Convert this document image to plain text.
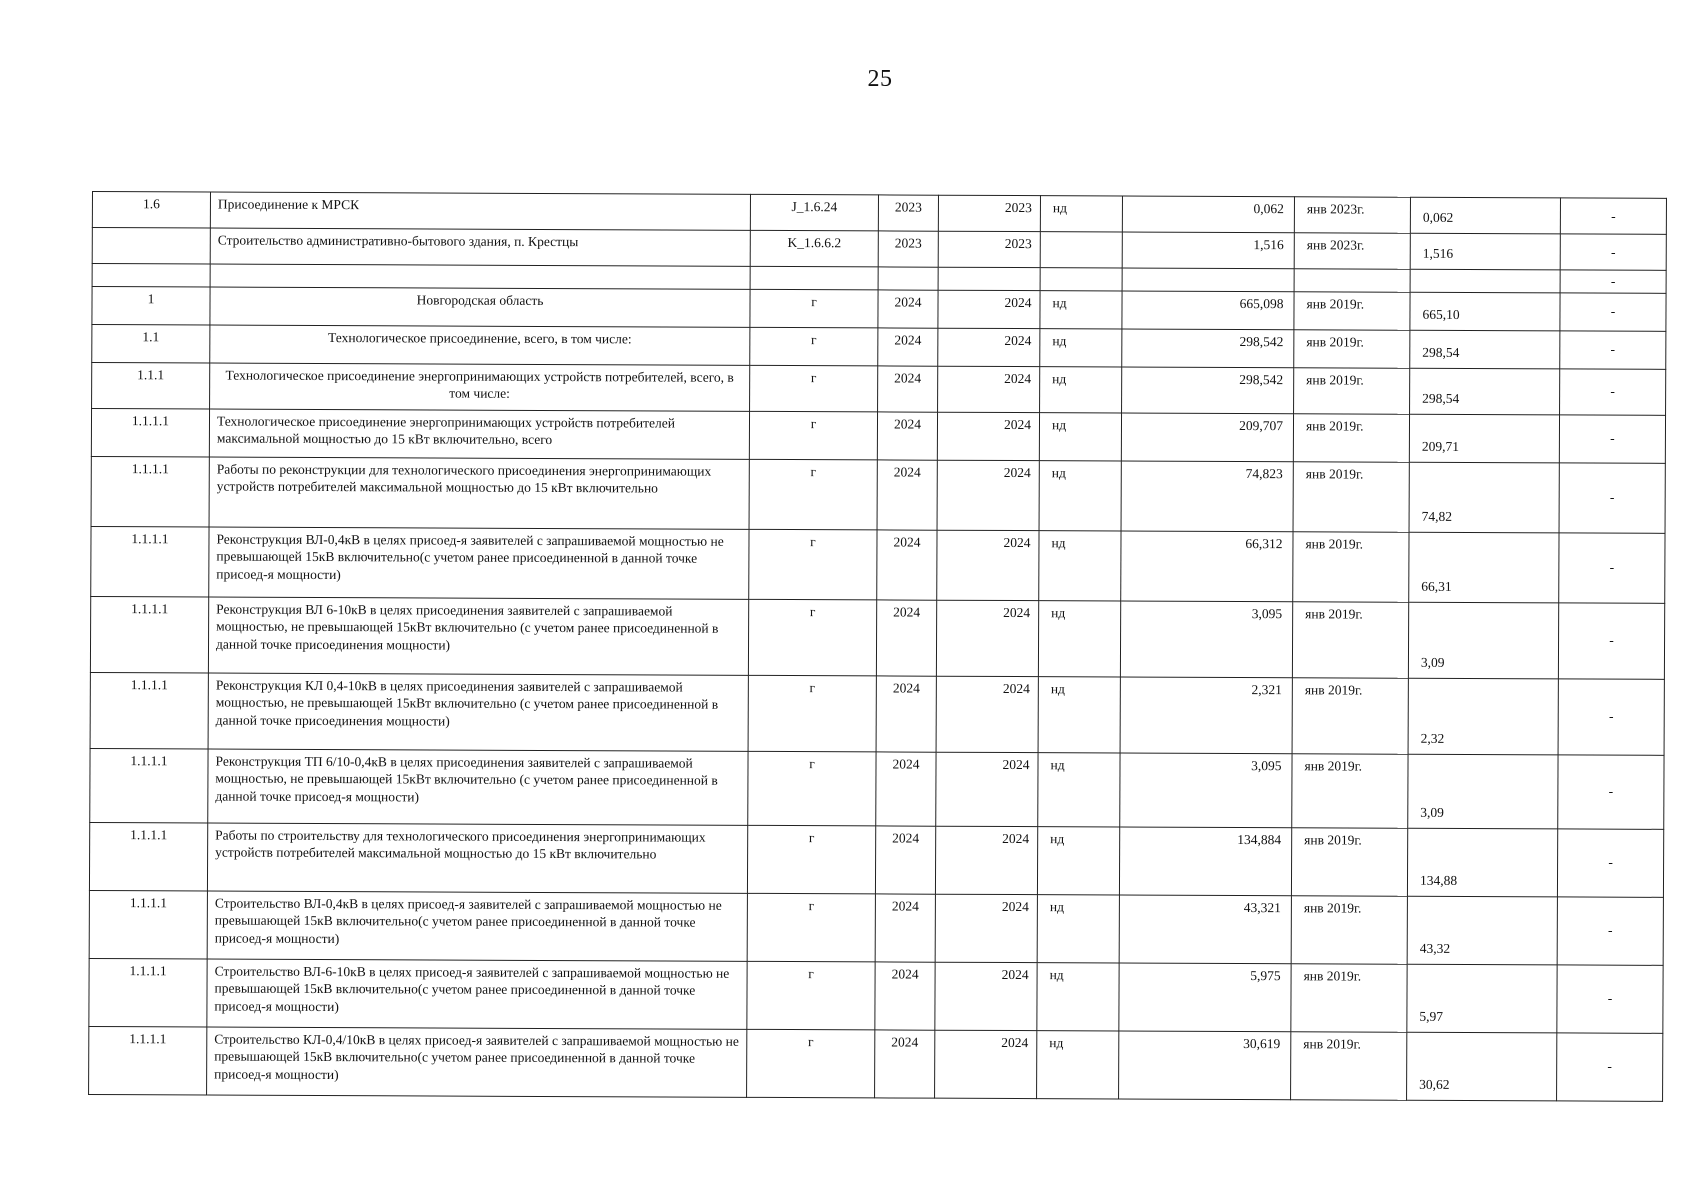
25
1.6	Присоединение к МРСК	J_1.6.24	2023	2023	нд	0,062	янв 2023г.	0,062	-
	Строительство административно-бытового здания, п. Крестцы	K_1.6.6.2	2023	2023		1,516	янв 2023г.	1,516	-
									-
1	Новгородская область	г	2024	2024	нд	665,098	янв 2019г.	665,10	-
1.1	Технологическое присоединение, всего, в том числе:	г	2024	2024	нд	298,542	янв 2019г.	298,54	-
1.1.1	Технологическое присоединение энергопринимающих устройств потребителей, всего, в том числе:	г	2024	2024	нд	298,542	янв 2019г.	298,54	-
1.1.1.1	Технологическое присоединение энергопринимающих устройств потребителей максимальной мощностью до 15 кВт включительно, всего	г	2024	2024	нд	209,707	янв 2019г.	209,71	-
1.1.1.1	Работы по реконструкции для технологического присоединения энергопринимающих устройств потребителей максимальной мощностью до 15 кВт включительно	г	2024	2024	нд	74,823	янв 2019г.	74,82	-
1.1.1.1	Реконструкция ВЛ-0,4кВ в целях присоед-я заявителей с запрашиваемой мощностью не превышающей 15кВ включительно(с учетом ранее присоединенной в данной точке присоед-я мощности)	г	2024	2024	нд	66,312	янв 2019г.	66,31	-
1.1.1.1	Реконструкция ВЛ 6-10кВ в целях присоединения заявителей с запрашиваемой мощностью, не превышающей 15кВт включительно (с учетом ранее присоединенной в данной точке присоединения мощности)	г	2024	2024	нд	3,095	янв 2019г.	3,09	-
1.1.1.1	Реконструкция КЛ 0,4-10кВ в целях присоединения заявителей с запрашиваемой мощностью, не превышающей 15кВт включительно (с учетом ранее присоединенной в данной точке присоединения мощности)	г	2024	2024	нд	2,321	янв 2019г.	2,32	-
1.1.1.1	Реконструкция ТП 6/10-0,4кВ в целях присоединения заявителей с запрашиваемой мощностью, не превышающей 15кВт включительно (с учетом ранее присоединенной в данной точке присоед-я мощности)	г	2024	2024	нд	3,095	янв 2019г.	3,09	-
1.1.1.1	Работы по строительству для технологического присоединения энергопринимающих устройств потребителей максимальной мощностью до 15 кВт включительно	г	2024	2024	нд	134,884	янв 2019г.	134,88	-
1.1.1.1	Строительство ВЛ-0,4кВ в целях присоед-я заявителей с запрашиваемой мощностью не превышающей 15кВ включительно(с учетом ранее присоединенной в данной точке присоед-я мощности)	г	2024	2024	нд	43,321	янв 2019г.	43,32	-
1.1.1.1	Строительство ВЛ-6-10кВ в целях присоед-я заявителей с запрашиваемой мощностью не превышающей 15кВ включительно(с учетом ранее присоединенной в данной точке присоед-я мощности)	г	2024	2024	нд	5,975	янв 2019г.	5,97	-
1.1.1.1	Строительство КЛ-0,4/10кВ в целях присоед-я заявителей с запрашиваемой мощностью не превышающей 15кВ включительно(с учетом ранее присоединенной в данной точке присоед-я мощности)	г	2024	2024	нд	30,619	янв 2019г.	30,62	-
